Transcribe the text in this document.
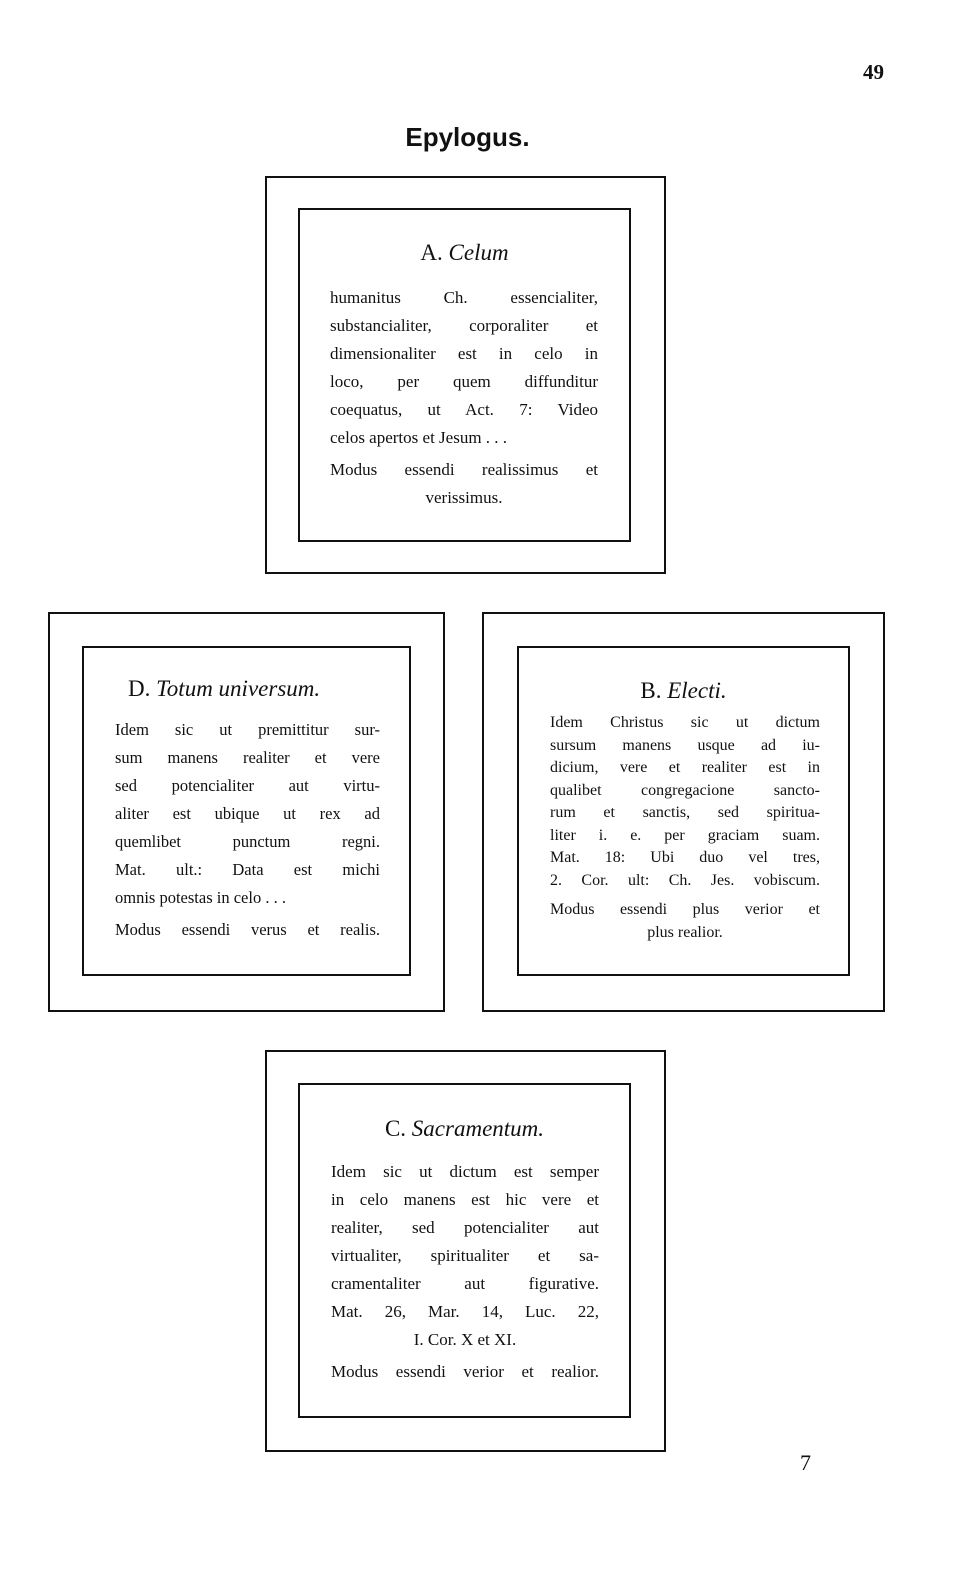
49
Epylogus.
A. Celum
humanitus Ch. essencialiter,
substancialiter, corporaliter et
dimensionaliter est in celo in
loco, per quem diffunditur
coequatus, ut Act. 7: Video
celos apertos et Jesum . . .
Modus essendi realissimus et
verissimus.
D. Totum universum.
Idem sic ut premittitur sur-
sum manens realiter et vere
sed potencialiter aut virtu-
aliter est ubique ut rex ad
quemlibet punctum regni.
Mat. ult.: Data est michi
omnis potestas in celo . . .
Modus essendi verus et realis.
B. Electi.
Idem Christus sic ut dictum
sursum manens usque ad iu-
dicium, vere et realiter est in
qualibet congregacione sancto-
rum et sanctis, sed spiritua-
liter i. e. per graciam suam.
Mat. 18: Ubi duo vel tres,
2. Cor. ult: Ch. Jes. vobiscum.
Modus essendi plus verior et
plus realior.
C. Sacramentum.
Idem sic ut dictum est semper
in celo manens est hic vere et
realiter, sed potencialiter aut
virtualiter, spiritualiter et sa-
cramentaliter aut figurative.
Mat. 26, Mar. 14, Luc. 22,
I. Cor. X et XI.
Modus essendi verior et realior.
7
